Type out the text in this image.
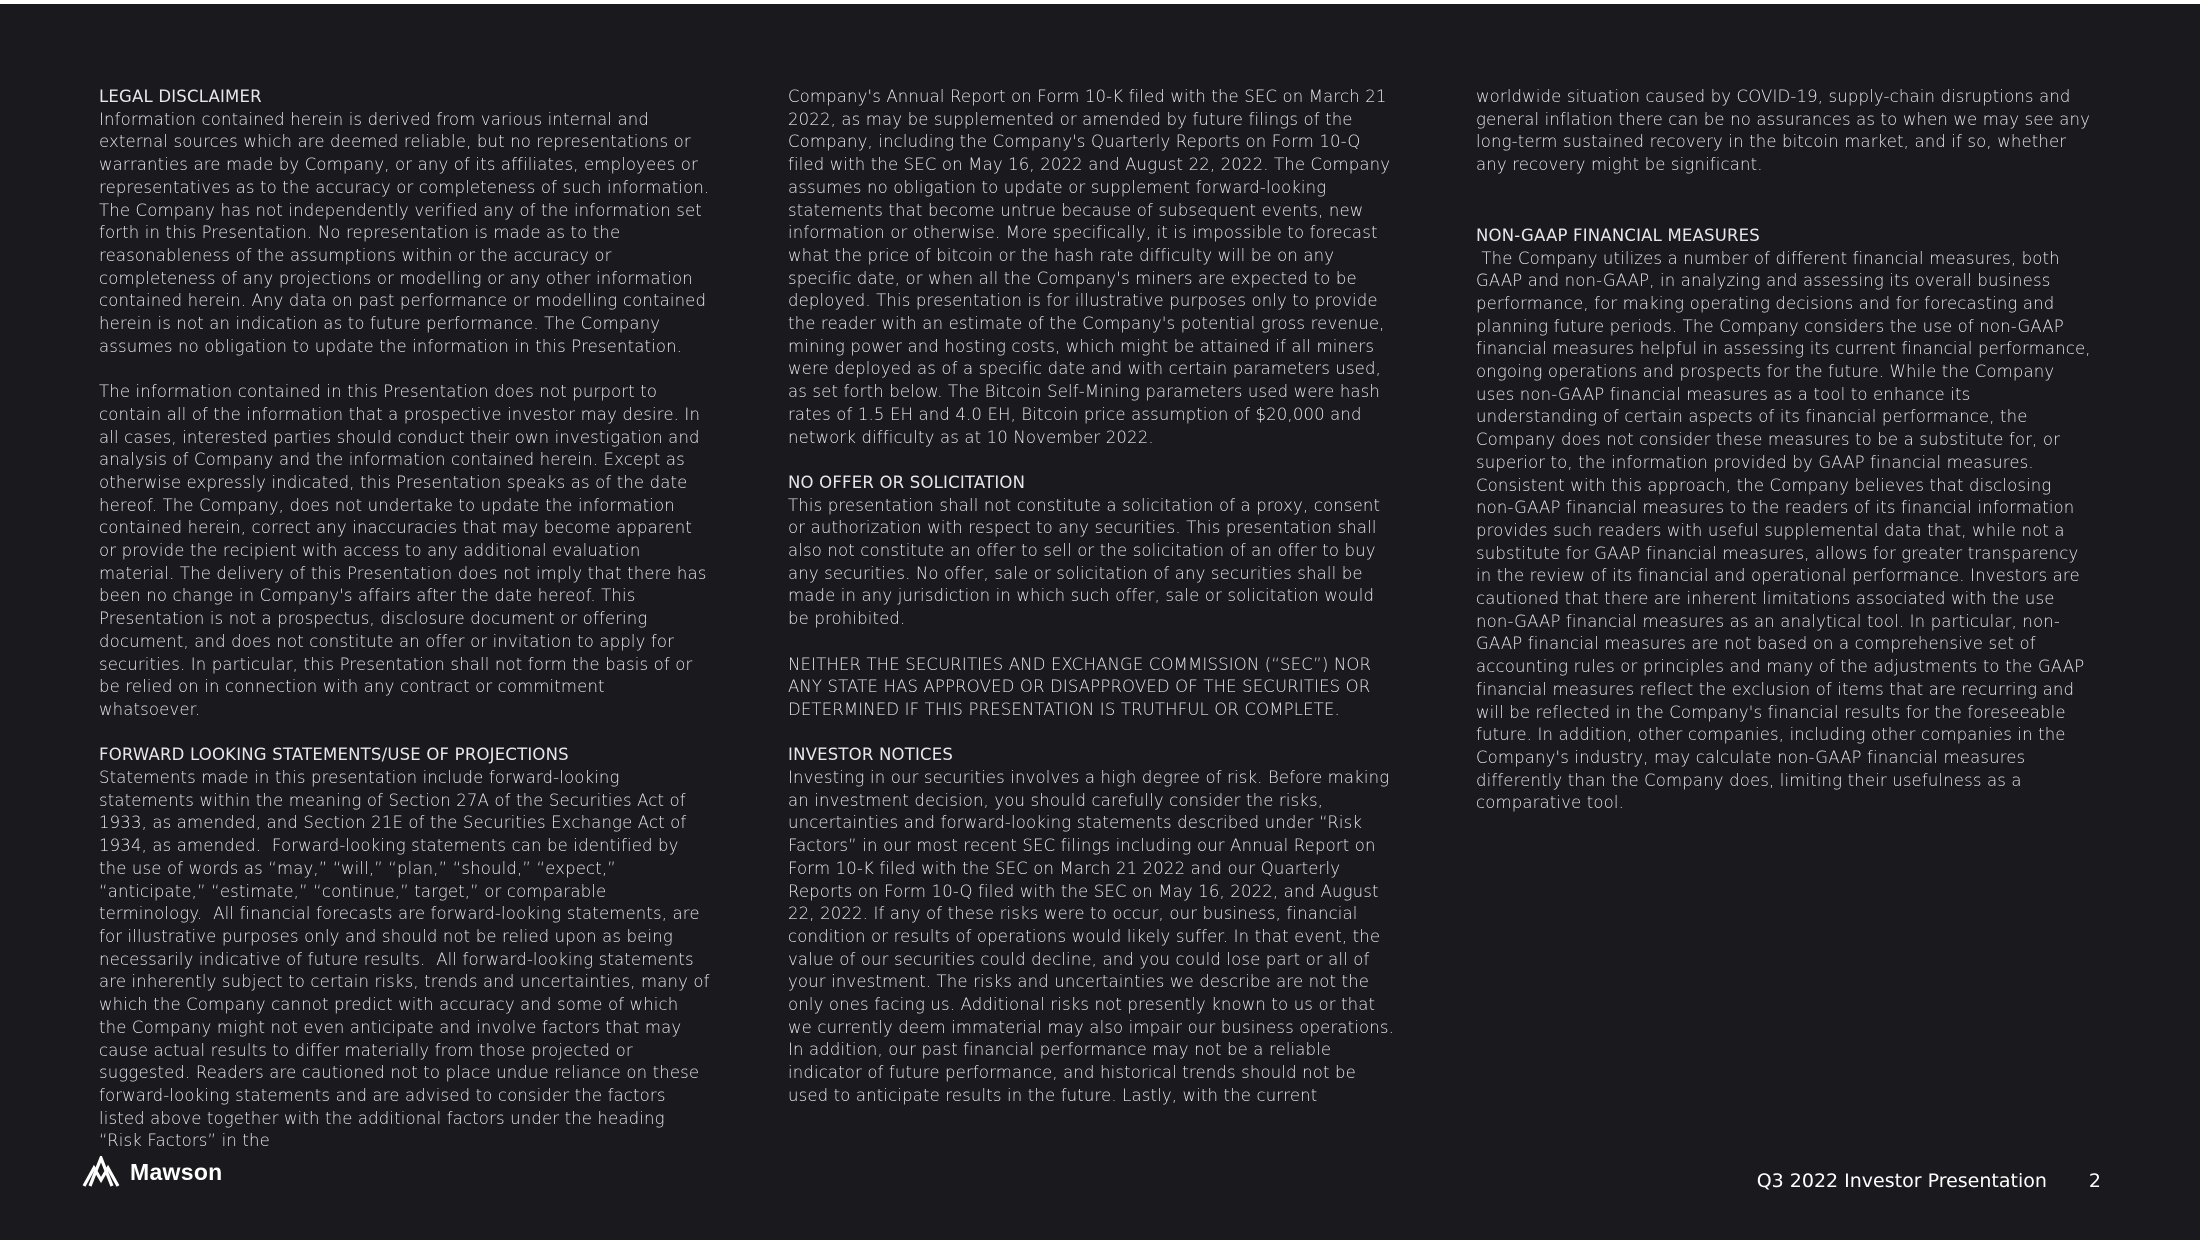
LEGAL DISCLAIMER

Information contained herein is derived from various internal and external sources which are deemed reliable, but no representations or warranties are made by Company, or any of its affiliates, employees or representatives as to the accuracy or completeness of such information. The Company has not independently verified any of the information set forth in this Presentation. No representation is made as to the reasonableness of the assumptions within or the accuracy or completeness of any projections or modelling or any other information contained herein. Any data on past performance or modelling contained herein is not an indication as to future performance. The Company assumes no obligation to update the information in this Presentation.

The information contained in this Presentation does not purport to contain all of the information that a prospective investor may desire. In all cases, interested parties should conduct their own investigation and analysis of Company and the information contained herein. Except as otherwise expressly indicated, this Presentation speaks as of the date hereof. The Company, does not undertake to update the information contained herein, correct any inaccuracies that may become apparent or provide the recipient with access to any additional evaluation material. The delivery of this Presentation does not imply that there has been no change in Company's affairs after the date hereof. This Presentation is not a prospectus, disclosure document or offering document, and does not constitute an offer or invitation to apply for securities. In particular, this Presentation shall not form the basis of or be relied on in connection with any contract or commitment whatsoever.

FORWARD LOOKING STATEMENTS/USE OF PROJECTIONS

Statements made in this presentation include forward-looking statements within the meaning of Section 27A of the Securities Act of 1933, as amended, and Section 21E of the Securities Exchange Act of 1934, as amended.  Forward-looking statements can be identified by the use of words as “may,” “will,” “plan,” “should,” “expect,” “anticipate,” “estimate,” “continue,” target,” or comparable terminology.  All financial forecasts are forward-looking statements, are for illustrative purposes only and should not be relied upon as being necessarily indicative of future results.  All forward-looking statements are inherently subject to certain risks, trends and uncertainties, many of which the Company cannot predict with accuracy and some of which the Company might not even anticipate and involve factors that may cause actual results to differ materially from those projected or suggested. Readers are cautioned not to place undue reliance on these forward-looking statements and are advised to consider the factors listed above together with the additional factors under the heading “Risk Factors” in the

Company's Annual Report on Form 10-K filed with the SEC on March 21 2022, as may be supplemented or amended by future filings of the Company, including the Company's Quarterly Reports on Form 10-Q filed with the SEC on May 16, 2022 and August 22, 2022. The Company assumes no obligation to update or supplement forward-looking statements that become untrue because of subsequent events, new information or otherwise. More specifically, it is impossible to forecast what the price of bitcoin or the hash rate difficulty will be on any specific date, or when all the Company's miners are expected to be deployed. This presentation is for illustrative purposes only to provide the reader with an estimate of the Company's potential gross revenue, mining power and hosting costs, which might be attained if all miners were deployed as of a specific date and with certain parameters used, as set forth below. The Bitcoin Self-Mining parameters used were hash rates of 1.5 EH and 4.0 EH, Bitcoin price assumption of $20,000 and network difficulty as at 10 November 2022.

NO OFFER OR SOLICITATION

This presentation shall not constitute a solicitation of a proxy, consent or authorization with respect to any securities. This presentation shall also not constitute an offer to sell or the solicitation of an offer to buy any securities. No offer, sale or solicitation of any securities shall be made in any jurisdiction in which such offer, sale or solicitation would be prohibited.

NEITHER THE SECURITIES AND EXCHANGE COMMISSION (“SEC”) NOR ANY STATE HAS APPROVED OR DISAPPROVED OF THE SECURITIES OR DETERMINED IF THIS PRESENTATION IS TRUTHFUL OR COMPLETE.

INVESTOR NOTICES

Investing in our securities involves a high degree of risk. Before making an investment decision, you should carefully consider the risks, uncertainties and forward-looking statements described under “Risk Factors” in our most recent SEC filings including our Annual Report on Form 10-K filed with the SEC on March 21 2022 and our Quarterly Reports on Form 10-Q filed with the SEC on May 16, 2022, and August 22, 2022. If any of these risks were to occur, our business, financial condition or results of operations would likely suffer. In that event, the value of our securities could decline, and you could lose part or all of your investment. The risks and uncertainties we describe are not the only ones facing us. Additional risks not presently known to us or that we currently deem immaterial may also impair our business operations. In addition, our past financial performance may not be a reliable indicator of future performance, and historical trends should not be used to anticipate results in the future. Lastly, with the current

worldwide situation caused by COVID-19, supply-chain disruptions and general inflation there can be no assurances as to when we may see any long-term sustained recovery in the bitcoin market, and if so, whether any recovery might be significant.

NON-GAAP FINANCIAL MEASURES

The Company utilizes a number of different financial measures, both GAAP and non-GAAP, in analyzing and assessing its overall business performance, for making operating decisions and for forecasting and planning future periods. The Company considers the use of non-GAAP financial measures helpful in assessing its current financial performance, ongoing operations and prospects for the future. While the Company uses non-GAAP financial measures as a tool to enhance its understanding of certain aspects of its financial performance, the Company does not consider these measures to be a substitute for, or superior to, the information provided by GAAP financial measures. Consistent with this approach, the Company believes that disclosing non-GAAP financial measures to the readers of its financial information provides such readers with useful supplemental data that, while not a substitute for GAAP financial measures, allows for greater transparency in the review of its financial and operational performance. Investors are cautioned that there are inherent limitations associated with the use non-GAAP financial measures as an analytical tool. In particular, non-GAAP financial measures are not based on a comprehensive set of accounting rules or principles and many of the adjustments to the GAAP financial measures reflect the exclusion of items that are recurring and will be reflected in the Company's financial results for the foreseeable future. In addition, other companies, including other companies in the Company's industry, may calculate non-GAAP financial measures differently than the Company does, limiting their usefulness as a comparative tool.

Mawson	Q3 2022 Investor Presentation 2
